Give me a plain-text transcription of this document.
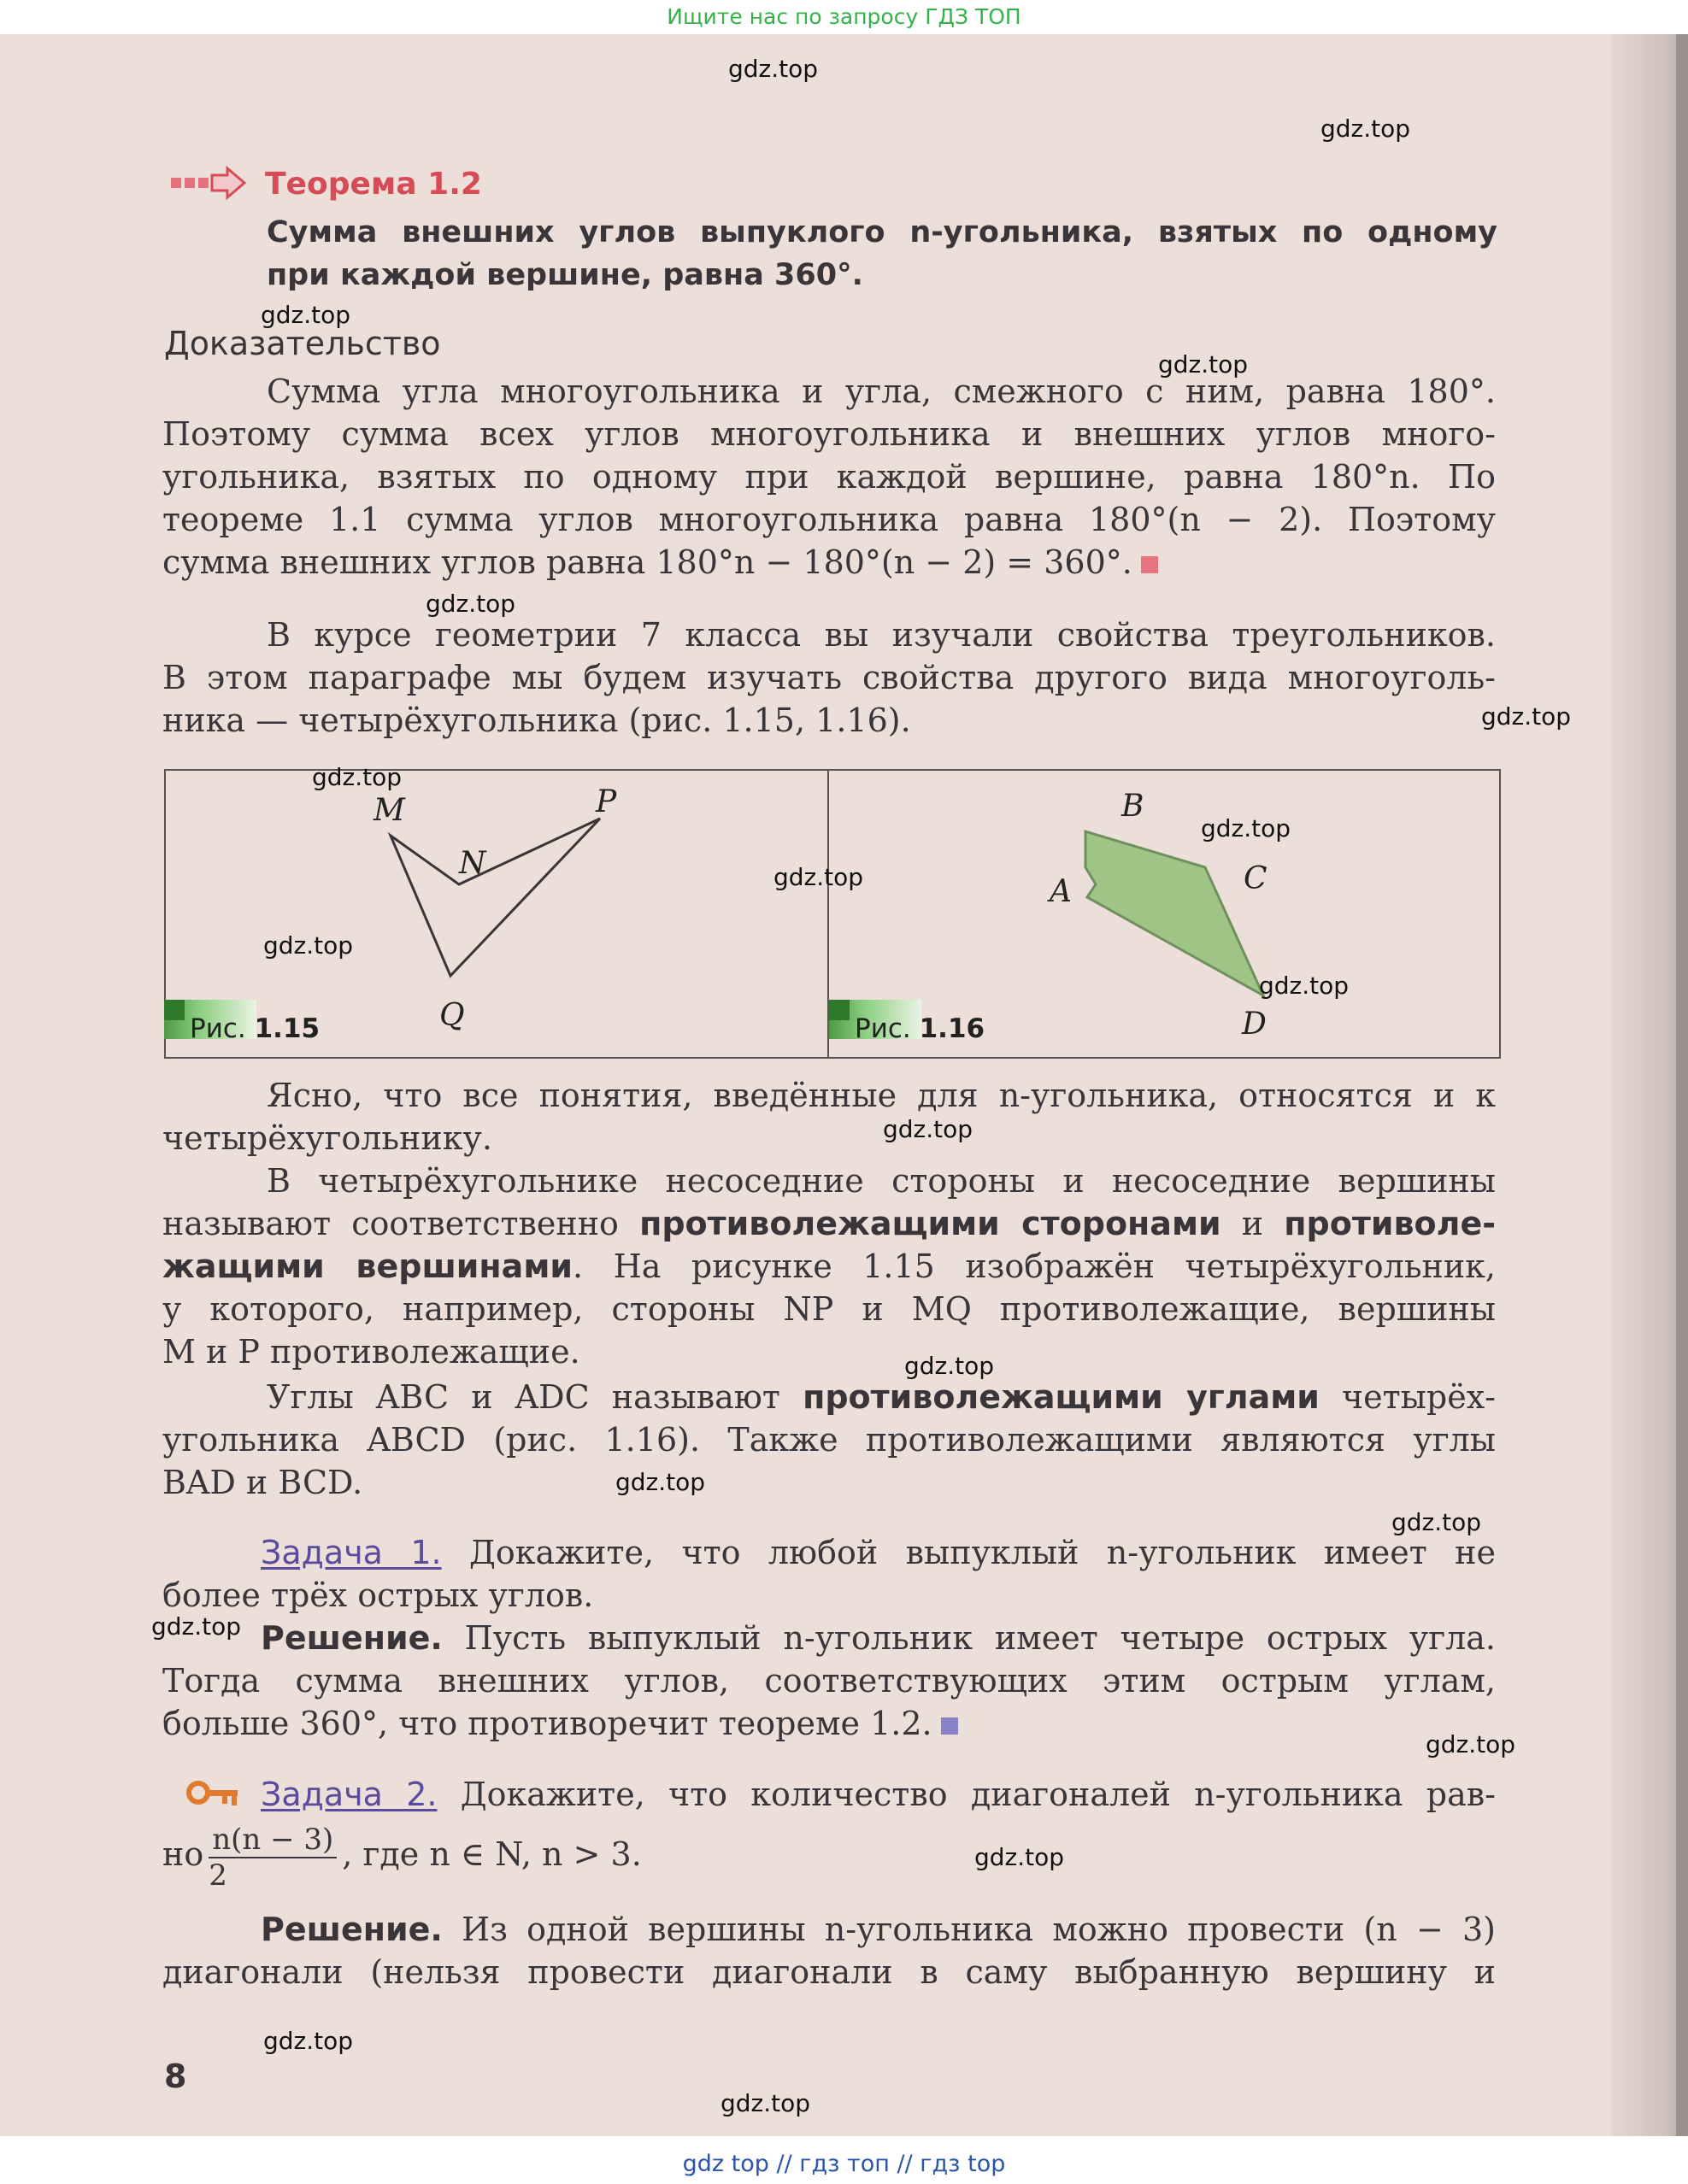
Ищите нас по запросу ГДЗ ТОП
Теорема 1.2
Сумма внешних углов выпуклого n-угольника, взятых по одному
при каждой вершине, равна 360°.
Доказательство
Сумма угла многоугольника и угла, смежного с ним, равна 180°.
Поэтому сумма всех углов многоугольника и внешних углов много-
угольника, взятых по одному при каждой вершине, равна 180°n. По
теореме 1.1 сумма углов многоугольника равна 180°(n − 2). Поэтому
сумма внешних углов равна 180°n − 180°(n − 2) = 360°.
В курсе геометрии 7 класса вы изучали свойства треугольников.
В этом параграфе мы будем изучать свойства другого вида многоуголь-
ника — четырёхугольника (рис. 1.15, 1.16).
M
N
P
Q
A
B
C
D
Рис. 1.15	Рис. 1.16
Ясно, что все понятия, введённые для n-угольника, относятся и к
четырёхугольнику.
В четырёхугольнике несоседние стороны и несоседние вершины
называют соответственно противолежащими сторонами и противоле-
жащими вершинами. На рисунке 1.15 изображён четырёхугольник,
у которого, например, стороны NP и MQ противолежащие, вершины
M и P противолежащие.
Углы ABC и ADC называют противолежащими углами четырёх-
угольника ABCD (рис. 1.16). Также противолежащими являются углы
BAD и BCD.
Задача 1. Докажите, что любой выпуклый n-угольник имеет не
более трёх острых углов.
Решение. Пусть выпуклый n-угольник имеет четыре острых угла.
Тогда сумма внешних углов, соответствующих этим острым углам,
больше 360°, что противоречит теореме 1.2.
Задача 2. Докажите, что количество диагоналей n-угольника рав-
но $\frac{n(n - 3)}{2}$ , где n ∈ N, n > 3.
Решение. Из одной вершины n-угольника можно провести (n − 3)
диагонали (нельзя провести диагонали в саму выбранную вершину и
8
gdz.top
gdz.top
gdz.top
gdz.top
gdz.top
gdz.top
gdz.top
gdz.top
gdz.top
gdz.top
gdz.top
gdz.top
gdz.top
gdz.top
gdz.top
gdz.top
gdz.top
gdz.top
gdz.top
gdz.top
gdz top // гдз топ // гдз top
